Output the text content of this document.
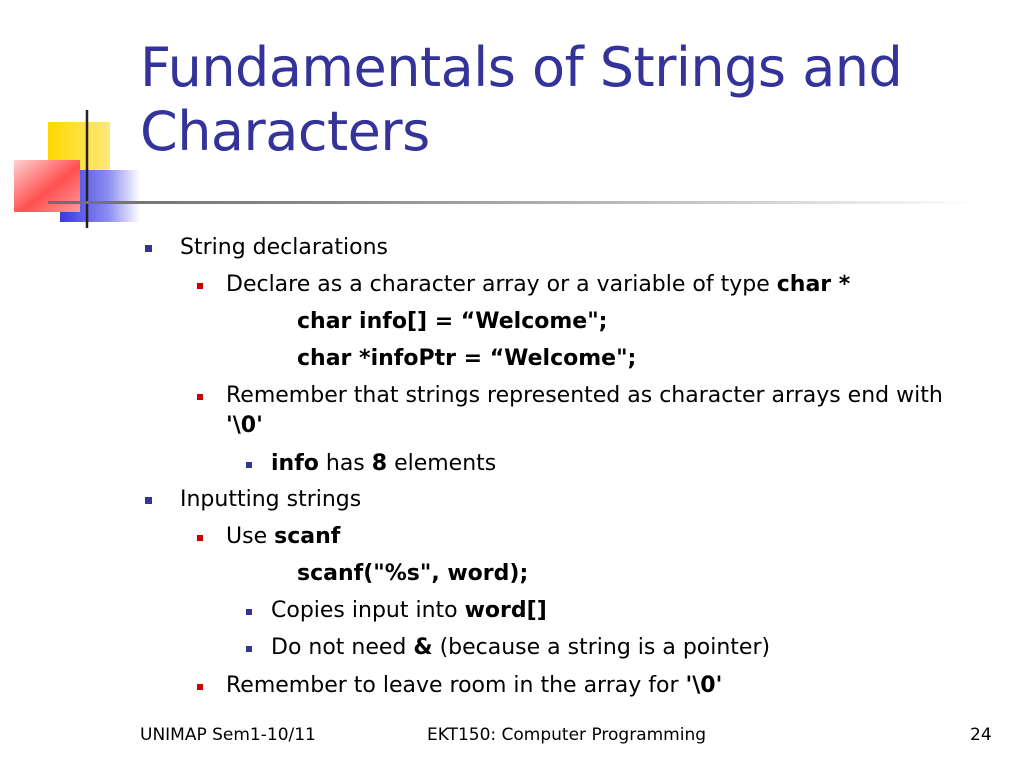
Fundamentals of Strings and
Characters
String declarations
Declare as a character array or a variable of type char *
char info[] = “Welcome";
char *infoPtr = “Welcome";
Remember that strings represented as character arrays end with
'\0'
info has 8 elements
Inputting strings
Use scanf
scanf("%s", word);
Copies input into word[]
Do not need & (because a string is a pointer)
Remember to leave room in the array for '\0'
UNIMAP Sem1-10/11	EKT150: Computer Programming	24
